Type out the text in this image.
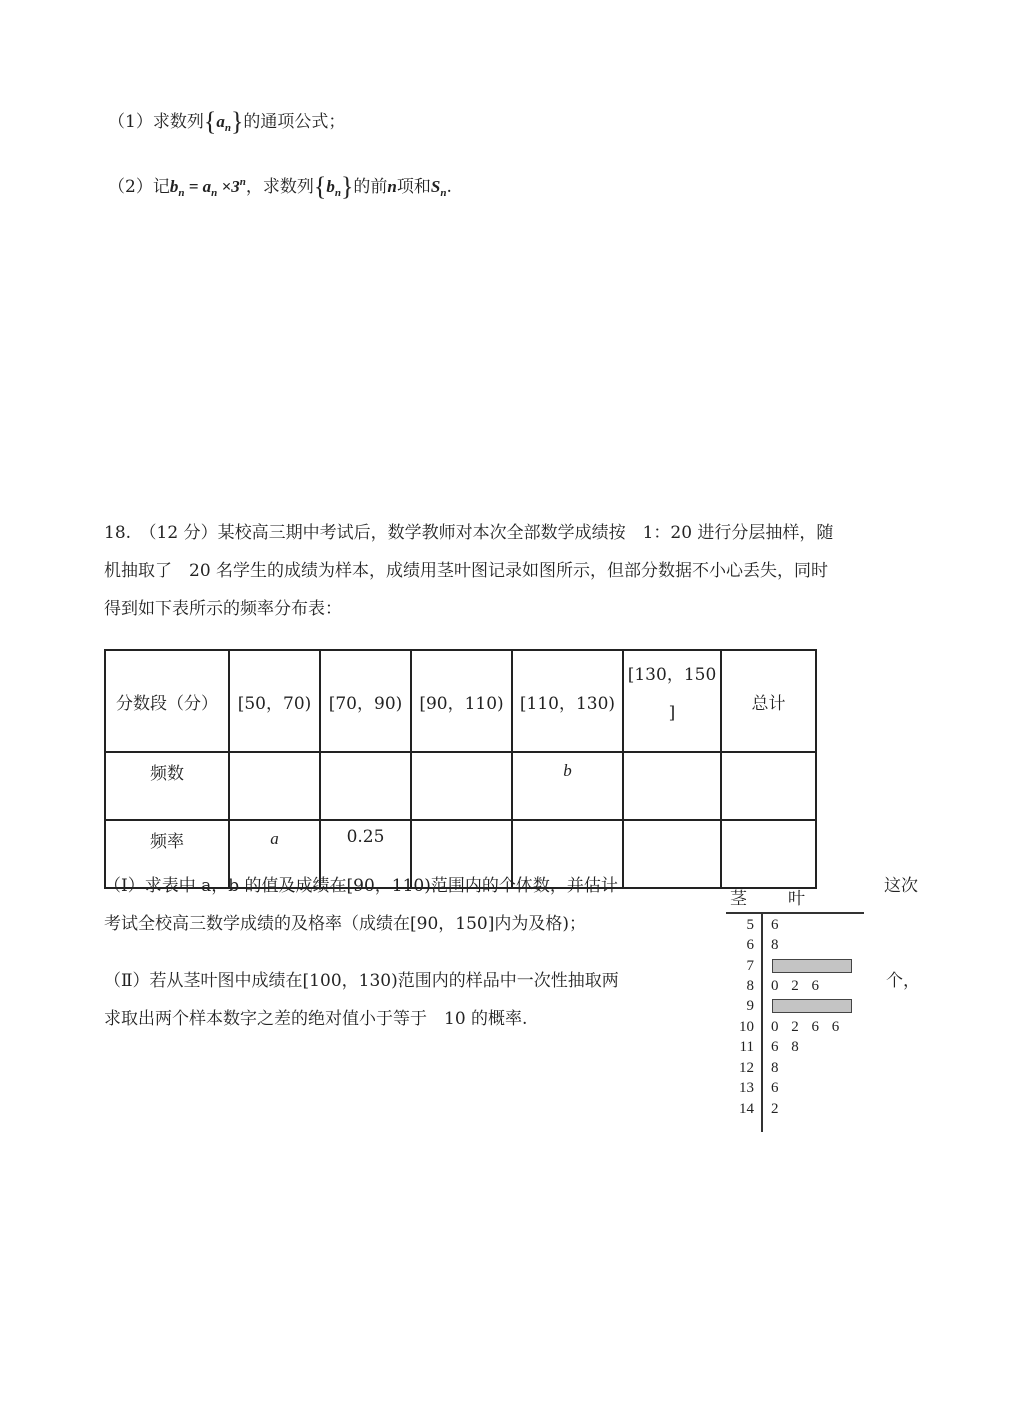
（1）求数列$\{a_n\}$的通项公式；
（2）记$b_n = a_n \times 3^n$，求数列$\{b_n\}$的前n项和$S_n$.
18.　（12 分）某校高三期中考试后，数学教师对本次全部数学成绩按　1：20 进行分层抽样，随
机抽取了　20 名学生的成绩为样本，成绩用茎叶图记录如图所示，但部分数据不小心丢失，同时
得到如下表所示的频率分布表：
分数段（分）	[50，70)	[70，90)	[90，110)	[110，130)	[130，150
]	总计
频数				b		
频率	a	0.25				
（Ⅰ）求表中 a，b 的值及成绩在[90，110)范围内的个体数，并估计	这次
考试全校高三数学成绩的及格率（成绩在[90，150]内为及格)；
（Ⅱ）若从茎叶图中成绩在[100，130)范围内的样品中一次性抽取两	个，
求取出两个样本数字之差的绝对值小于等于　10 的概率.
茎 叶
5 6
6 8
7
8 0 2 6
9
10 0 2 6 6
11 6 8
12 8
13 6
14 2
